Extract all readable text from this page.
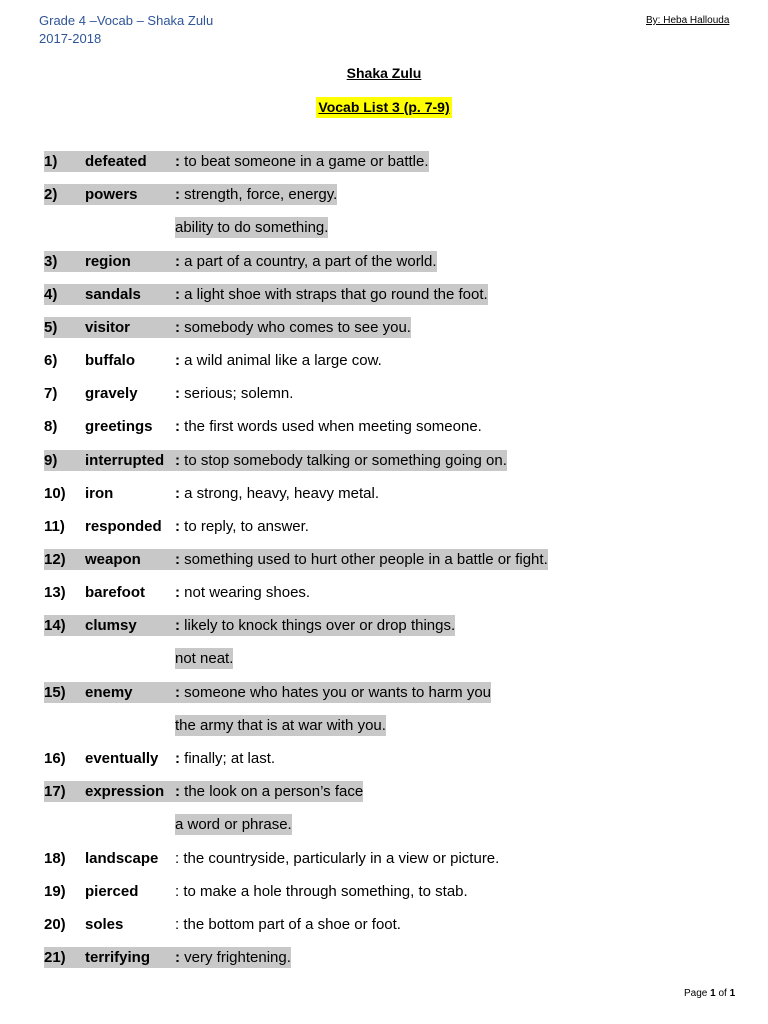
Grade 4 –Vocab – Shaka Zulu
2017-2018
By: Heba Hallouda
Shaka Zulu
Vocab List 3 (p. 7-9)
1)	defeated	: to beat someone in a game or battle.
2)	powers	: strength, force, energy.
ability to do something.
3)	region	: a part of a country, a part of the world.
4)	sandals	: a light shoe with straps that go round the foot.
5)	visitor	: somebody who comes to see you.
6)	buffalo	: a wild animal like a large cow.
7)	gravely	: serious; solemn.
8)	greetings	: the first words used when meeting someone.
9)	interrupted : to stop somebody talking or something going on.
10)	iron	: a strong, heavy, heavy metal.
11)	responded : to reply, to answer.
12)	weapon	: something used to hurt other people in a battle or fight.
13)	barefoot	: not wearing shoes.
14)	clumsy	: likely to knock things over or drop things.
not neat.
15)	enemy	: someone who hates you or wants to harm you
the army that is at war with you.
16)	eventually	: finally; at last.
17)	expression : the look on a person’s face
a word or phrase.
18)	landscape	: the countryside, particularly in a view or picture.
19)	pierced	: to make a hole through something, to stab.
20)	soles	: the bottom part of a shoe or foot.
21)	terrifying	: very frightening.
Page 1 of 1
